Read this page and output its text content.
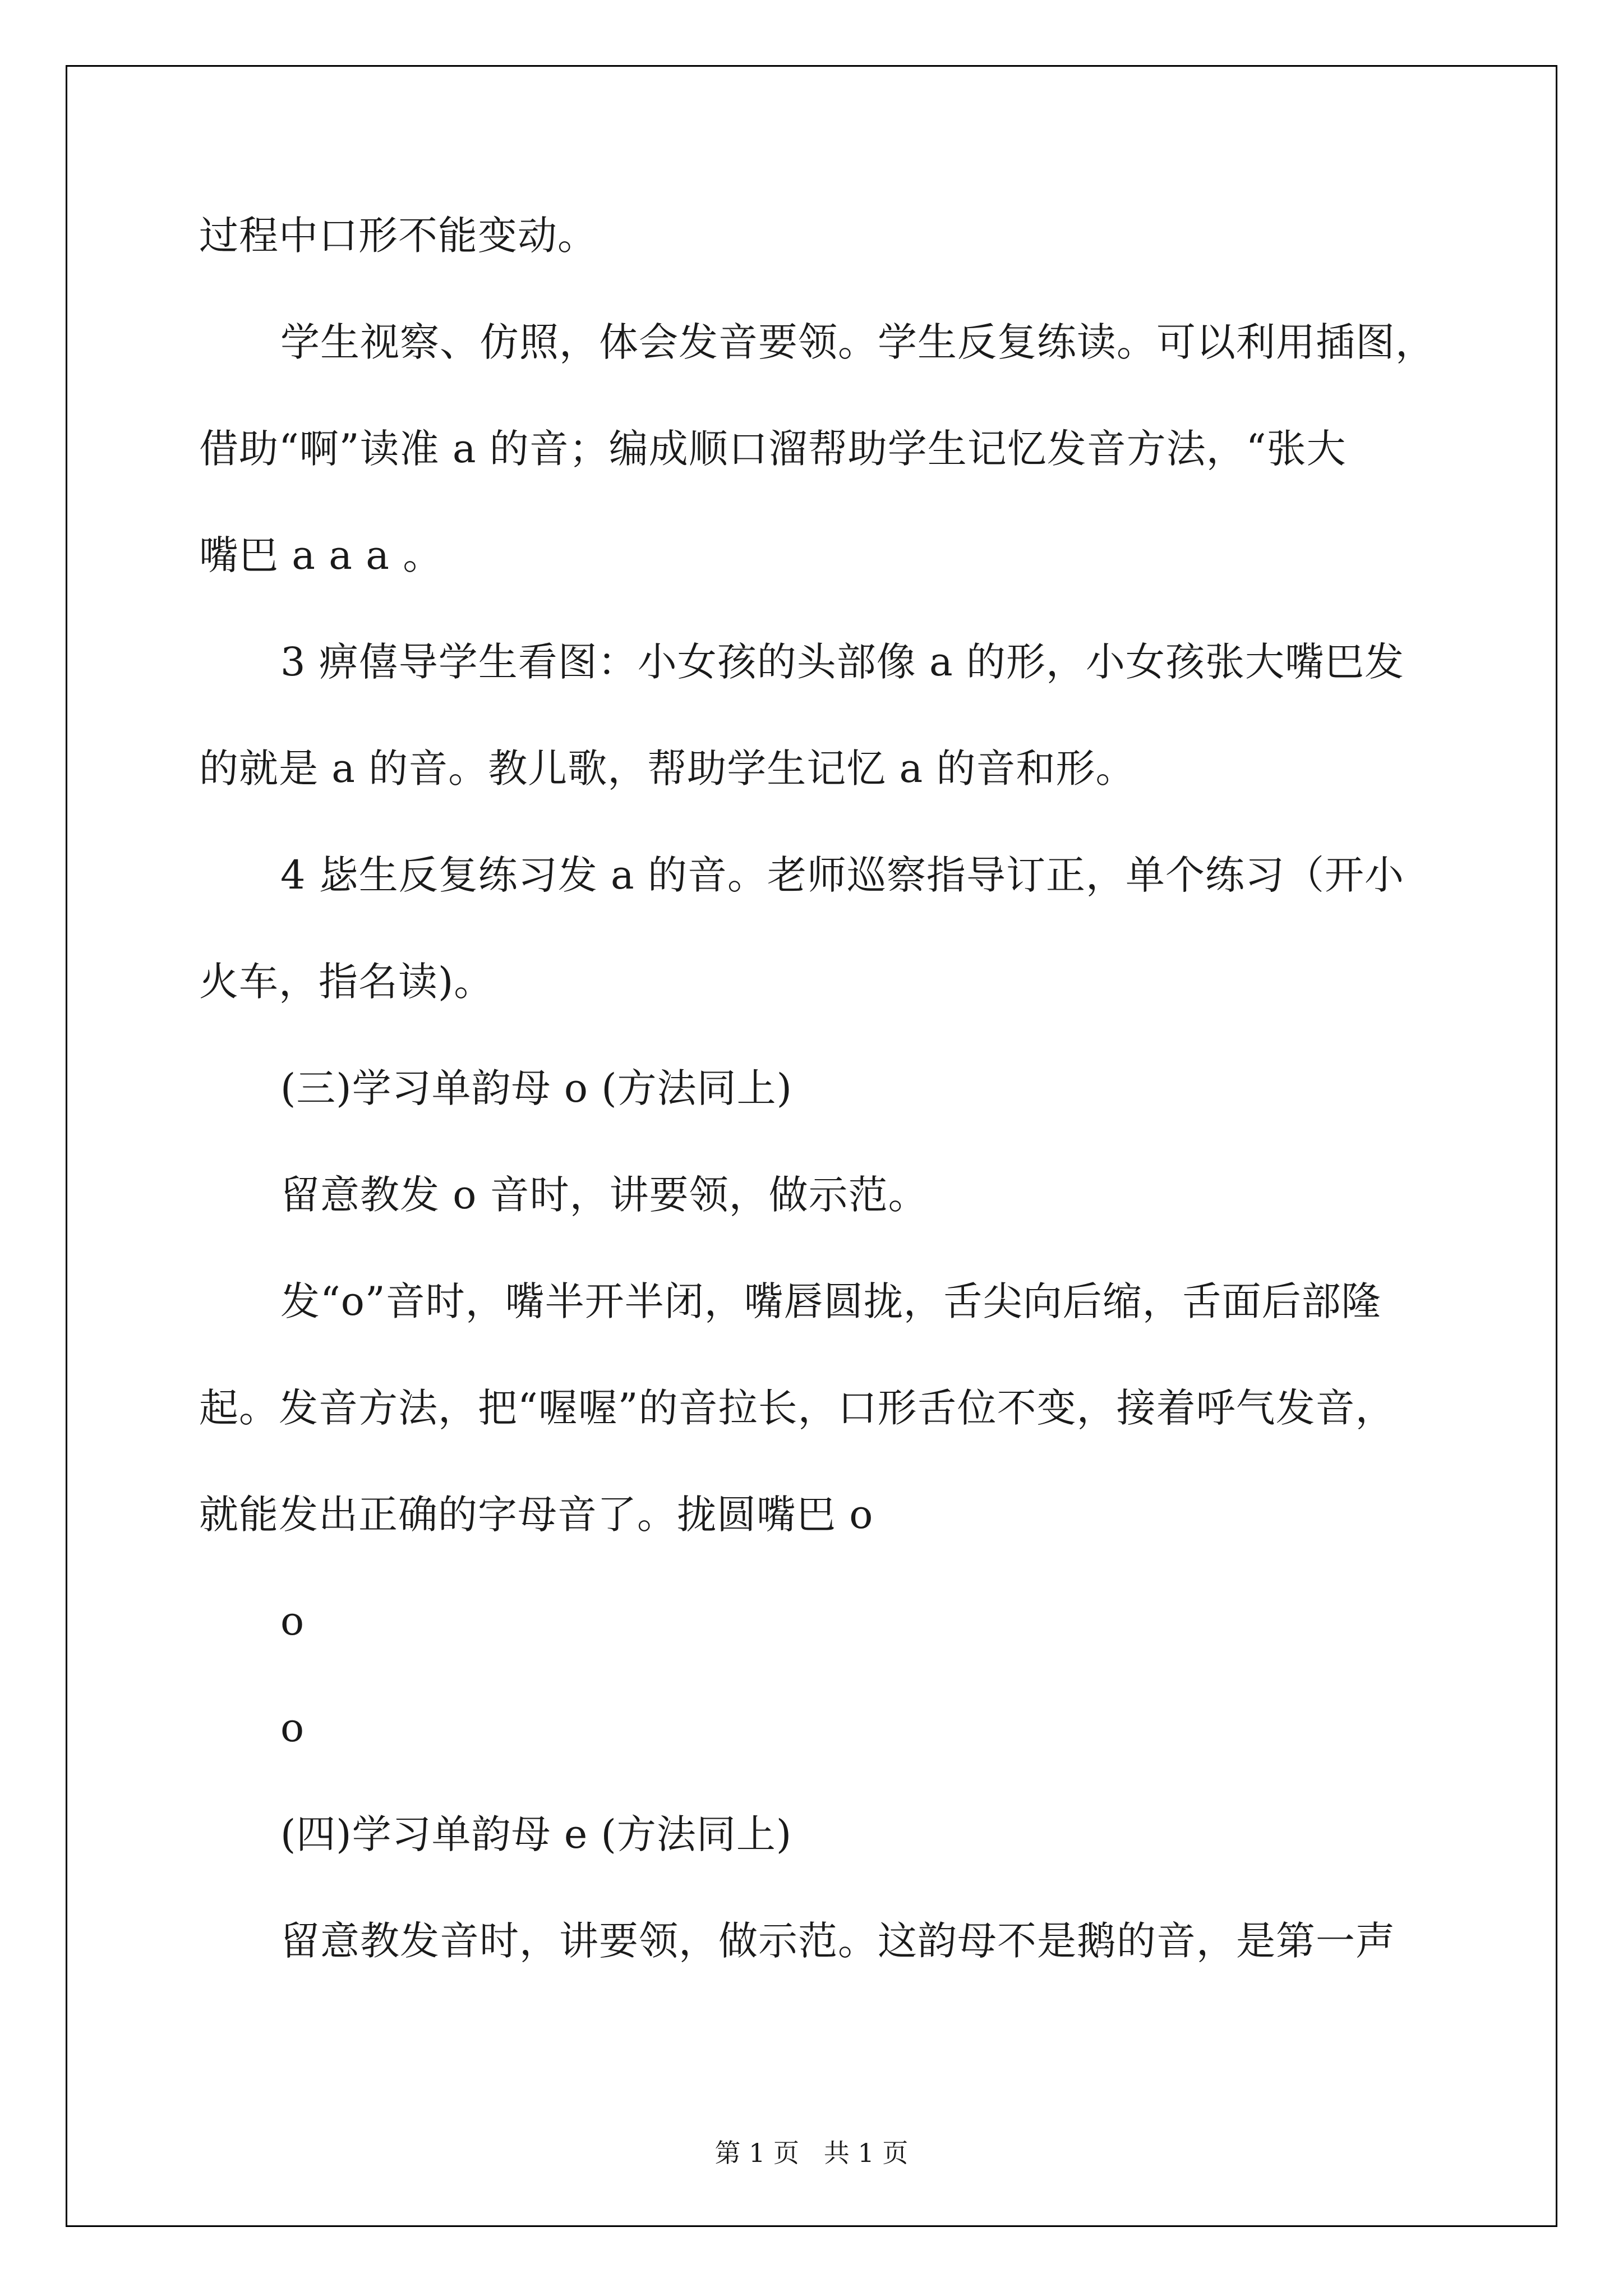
过程中口形不能变动。
学生视察、仿照，体会发音要领。学生反复练读。可以利用插图，
借助“啊”读准 a 的音；编成顺口溜帮助学生记忆发音方法，“张大
嘴巴 a a a 。
3 痹僖导学生看图：小女孩的头部像 a 的形，小女孩张大嘴巴发
的就是 a 的音。教儿歌，帮助学生记忆 a 的音和形。
4 毖生反复练习发 a 的音。老师巡察指导订正，单个练习（开小
火车，指名读)。
(三)学习单韵母 o (方法同上)
留意教发 o 音时，讲要领，做示范。
发“o”音时，嘴半开半闭，嘴唇圆拢，舌尖向后缩，舌面后部隆
起。发音方法，把“喔喔”的音拉长，口形舌位不变，接着呼气发音，
就能发出正确的字母音了。拢圆嘴巴 o
o
o
(四)学习单韵母 e (方法同上)
留意教发音时，讲要领，做示范。这韵母不是鹅的音，是第一声
第 1 页   共 1 页
